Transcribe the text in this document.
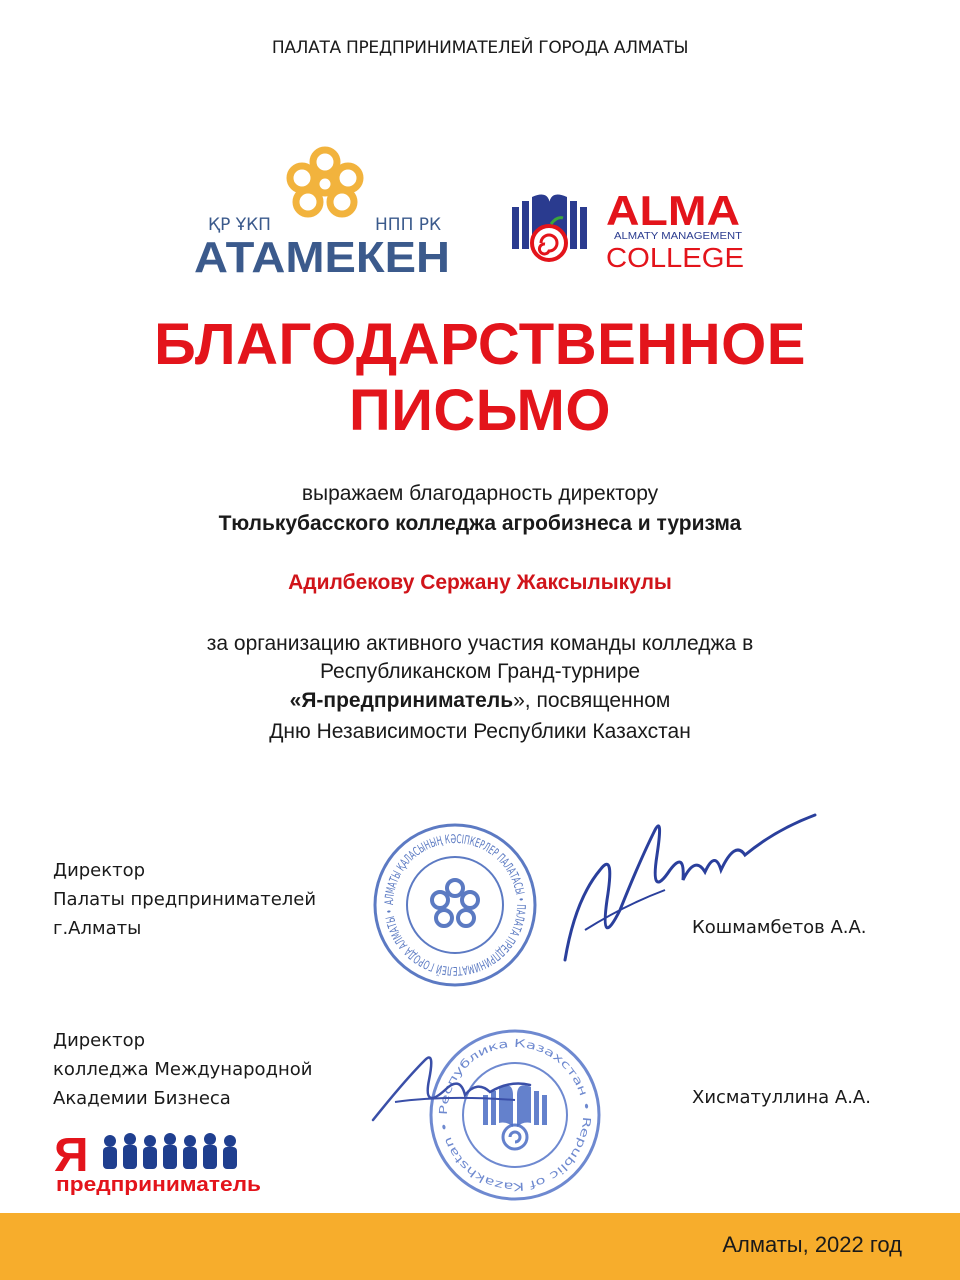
ПАЛАТА ПРЕДПРИНИМАТЕЛЕЙ ГОРОДА АЛМАТЫ
ҚР ҰКП	НПП РК
АТАМЕКЕН
ALMA
ALMATY MANAGEMENT
COLLEGE
БЛАГОДАРСТВЕННОЕ
ПИСЬМО
выражаем благодарность директору
Тюлькубасского колледжа агробизнеса и туризма
Адилбекову Сержану Жаксылыкулы
за организацию активного участия команды колледжа в
Республиканском Гранд-турнире
«Я-предприниматель», посвященном
Дню Независимости Республики Казахстан
Директор
Палаты предпринимателей
г.Алматы	Кошмамбетов А.А.
АЛМАТЫ ҚАЛАСЫНЫҢ КӘСІПКЕРЛЕР ПАЛАТАСЫ • ПАЛАТА ПРЕДПРИНИМАТЕЛЕЙ ГОРОДА АЛМАТЫ •
Директор
колледжа Международной
Академии Бизнеса	Хисматуллина А.А.
Республика Казахстан • Republic of Kazakhstan •
Я
предприниматель
Алматы, 2022 год
